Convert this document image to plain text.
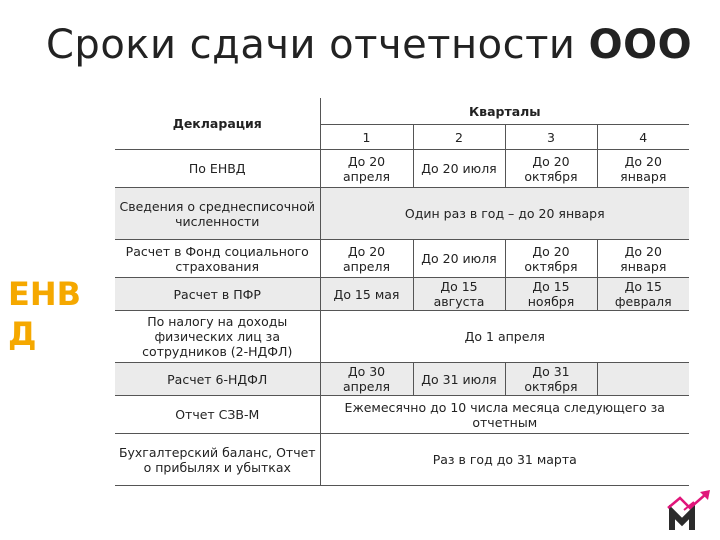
Сроки сдачи отчетности ООО
ЕНВД
Декларация	Кварталы			
	1	2	3	4
По ЕНВД	До 20 апреля	До 20 июля	До 20 октября	До 20 января
Сведения о среднесписочной численности	Один раз в год – до 20 января			
Расчет в Фонд социального страхования	До 20 апреля	До 20 июля	До 20 октября	До 20 января
Расчет в ПФР	До 15 мая	До 15 августа	До 15 ноября	До 15 февраля
По налогу на доходы физических лиц за сотрудников (2-НДФЛ)	До 1 апреля			
Расчет 6-НДФЛ	До 30 апреля	До 31 июля	До 31 октября	
Отчет СЗВ-М	Ежемесячно до 10 числа месяца следующего за отчетным			
Бухгалтерский баланс, Отчет о прибылях и убытках	Раз в год до 31 марта			
